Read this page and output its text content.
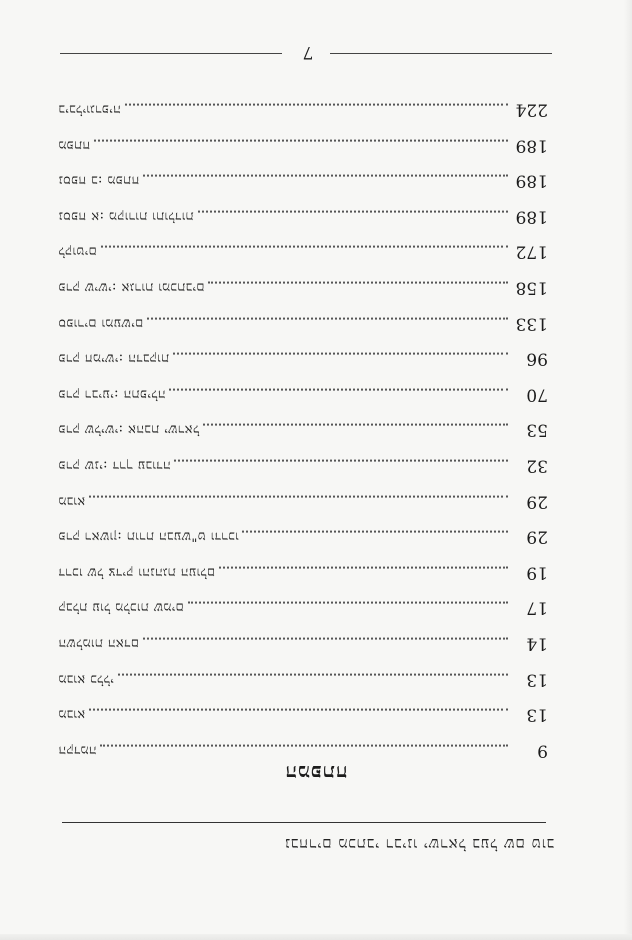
7
224
ביבליוגרפיה
189
מפתח
189
נספח ב: מפתח
189
נספח א: מקורות ותולדות
172
לקוטים
158
פרק שישי: אגרות ומכתבים
133
ספורים ומעשים
96
פרק חמישי: הדבקות
70
פרק רביעי: התפילה
53
פרק שלישי: אהבת ישראל
32
פרק שני: דרך עבודה
29
מבוא
29
פרק ראשון: תורת הבעש"ט ודרכו
19
דרכו של צדיק והנהגת העולם
17
קבלת עול מלכות שמים
14
השלמות האדם
13
מבוא כללי
13
מבוא
9
הקדמה
המפתח
נבחרים מכתבי רבינו ישראל בעל שם טוב
